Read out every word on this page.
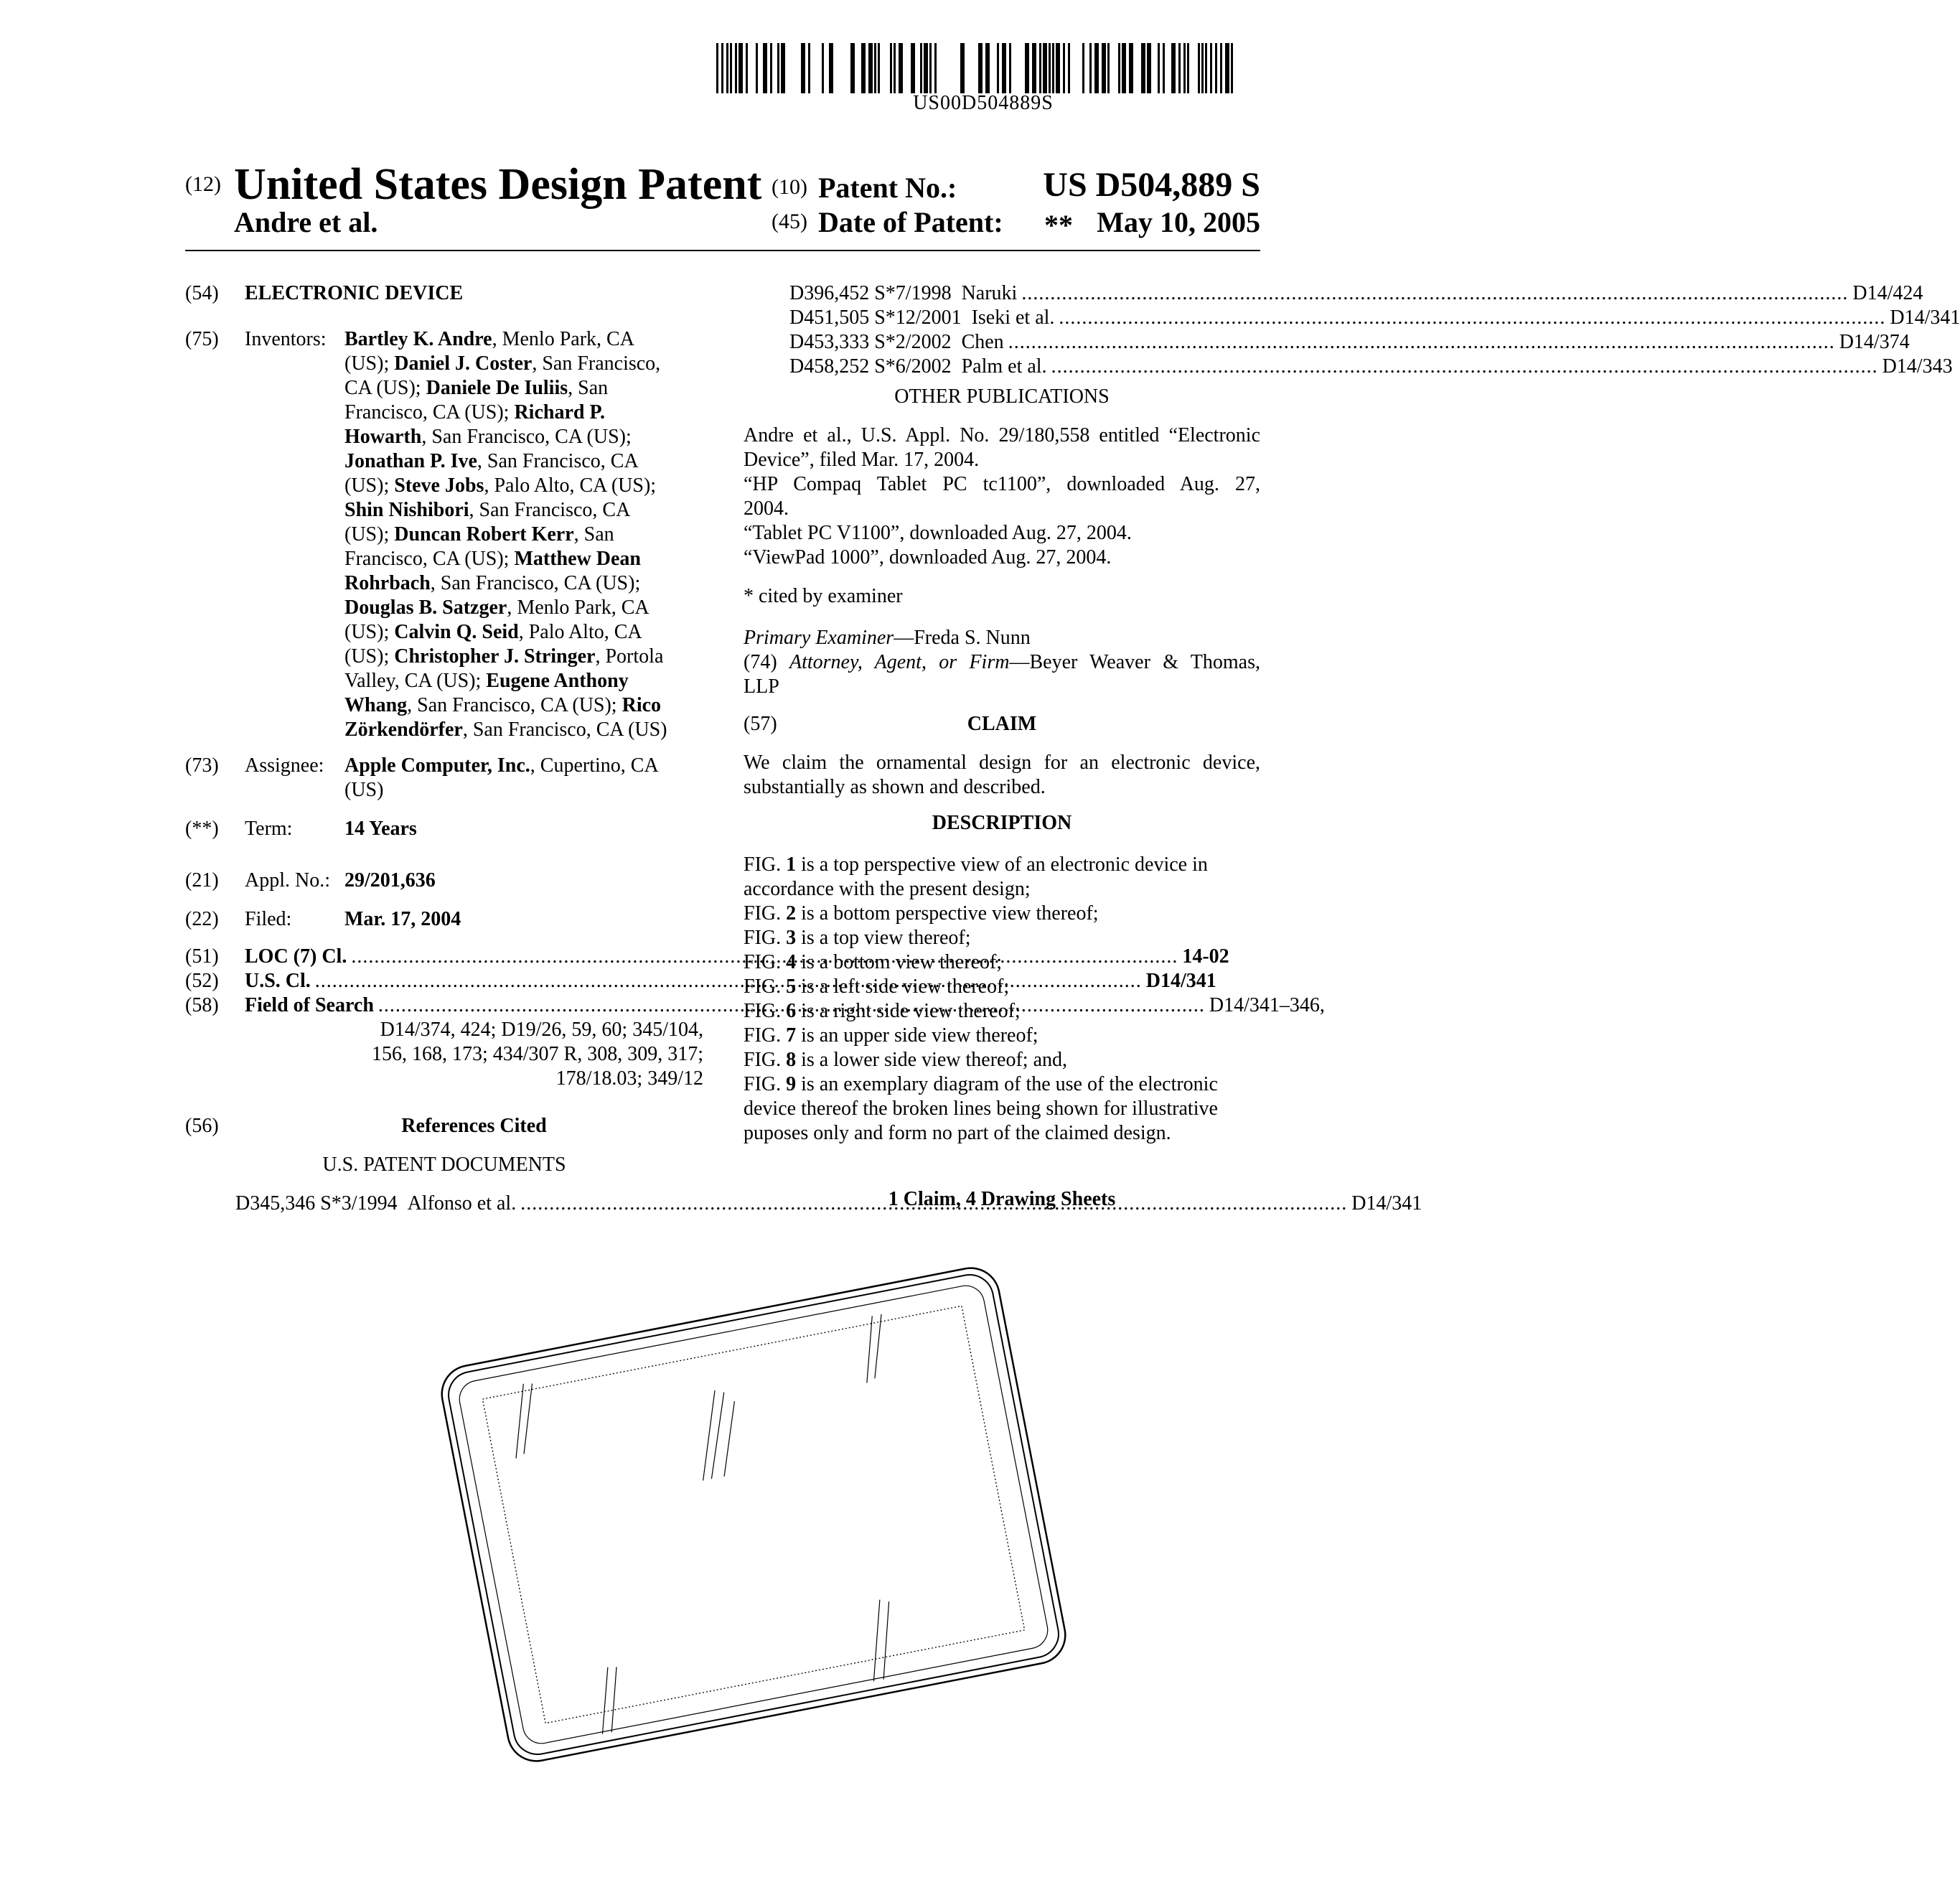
US00D504889S
(12) United States Design Patent
Andre et al.
(10) Patent No.:	US D504,889 S
(45) Date of Patent: ** May 10, 2005
(54)	ELECTRONIC DEVICE
(75)	Inventors: Bartley K. Andre, Menlo Park, CA
(US); Daniel J. Coster, San Francisco,
CA (US); Daniele De Iuliis, San
Francisco, CA (US); Richard P.
Howarth, San Francisco, CA (US);
Jonathan P. Ive, San Francisco, CA
(US); Steve Jobs, Palo Alto, CA (US);
Shin Nishibori, San Francisco, CA
(US); Duncan Robert Kerr, San
Francisco, CA (US); Matthew Dean
Rohrbach, San Francisco, CA (US);
Douglas B. Satzger, Menlo Park, CA
(US); Calvin Q. Seid, Palo Alto, CA
(US); Christopher J. Stringer, Portola
Valley, CA (US); Eugene Anthony
Whang, San Francisco, CA (US); Rico
Zörkendörfer, San Francisco, CA (US)
(73)	Assignee: Apple Computer, Inc., Cupertino, CA
(US)
(**)	Term:	14 Years
(21)	Appl. No.: 29/201,636
(22)	Filed:	Mar. 17, 2004
(51)	LOC (7) Cl. .....	14-02
(52)	U.S. Cl. .....	D14/341
(58)	Field of Search .....	D14/341–346,
D14/374, 424; D19/26, 59, 60; 345/104,
156, 168, 173; 434/307 R, 308, 309, 317;
178/18.03; 349/12
(56)	References Cited
U.S. PATENT DOCUMENTS
D345,346 S * 3/1994 Alfonso et al. .....	D14/341
D396,452 S * 7/1998 Naruki .....	D14/424
D451,505 S * 12/2001 Iseki et al. .....	D14/341
D453,333 S * 2/2002 Chen .....	D14/374
D458,252 S * 6/2002 Palm et al. .....	D14/343
OTHER PUBLICATIONS
Andre et al., U.S. Appl. No. 29/180,558 entitled “Electronic
Device”, filed Mar. 17, 2004.
“HP Compaq Tablet PC tc1100”, downloaded Aug. 27,
2004.
“Tablet PC V1100”, downloaded Aug. 27, 2004.
“ViewPad 1000”, downloaded Aug. 27, 2004.
* cited by examiner
Primary Examiner—Freda S. Nunn
(74) Attorney, Agent, or Firm—Beyer Weaver & Thomas,
LLP
(57)	CLAIM
We claim the ornamental design for an electronic device,
substantially as shown and described.
DESCRIPTION
FIG. 1 is a top perspective view of an electronic device in
accordance with the present design;
FIG. 2 is a bottom perspective view thereof;
FIG. 3 is a top view thereof;
FIG. 4 is a bottom view thereof;
FIG. 5 is a left side view thereof;
FIG. 6 is a right side view thereof;
FIG. 7 is an upper side view thereof;
FIG. 8 is a lower side view thereof; and,
FIG. 9 is an exemplary diagram of the use of the electronic
device thereof the broken lines being shown for illustrative
puposes only and form no part of the claimed design.
1 Claim, 4 Drawing Sheets
